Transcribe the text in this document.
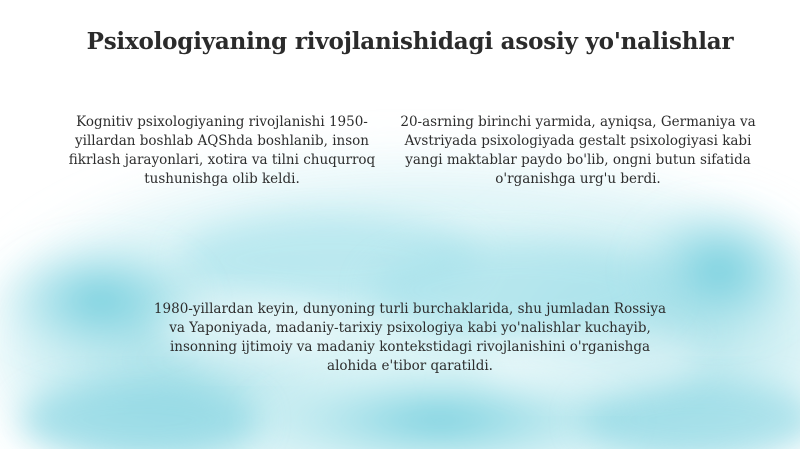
Psixologiyaning rivojlanishidagi asosiy yo'nalishlar

Kognitiv psixologiyaning rivojlanishi 1950-yillardan boshlab AQShda boshlanib, inson fikrlash jarayonlari, xotira va tilni chuqurroq tushunishga olib keldi.

20-asrning birinchi yarmida, ayniqsa, Germaniya va Avstriyada psixologiyada gestalt psixologiyasi kabi yangi maktablar paydo bo'lib, ongni butun sifatida o'rganishga urg'u berdi.

1980-yillardan keyin, dunyoning turli burchaklarida, shu jumladan Rossiya va Yaponiyada, madaniy-tarixiy psixologiya kabi yo'nalishlar kuchayib, insonning ijtimoiy va madaniy kontekstidagi rivojlanishini o'rganishga alohida e'tibor qaratildi.
